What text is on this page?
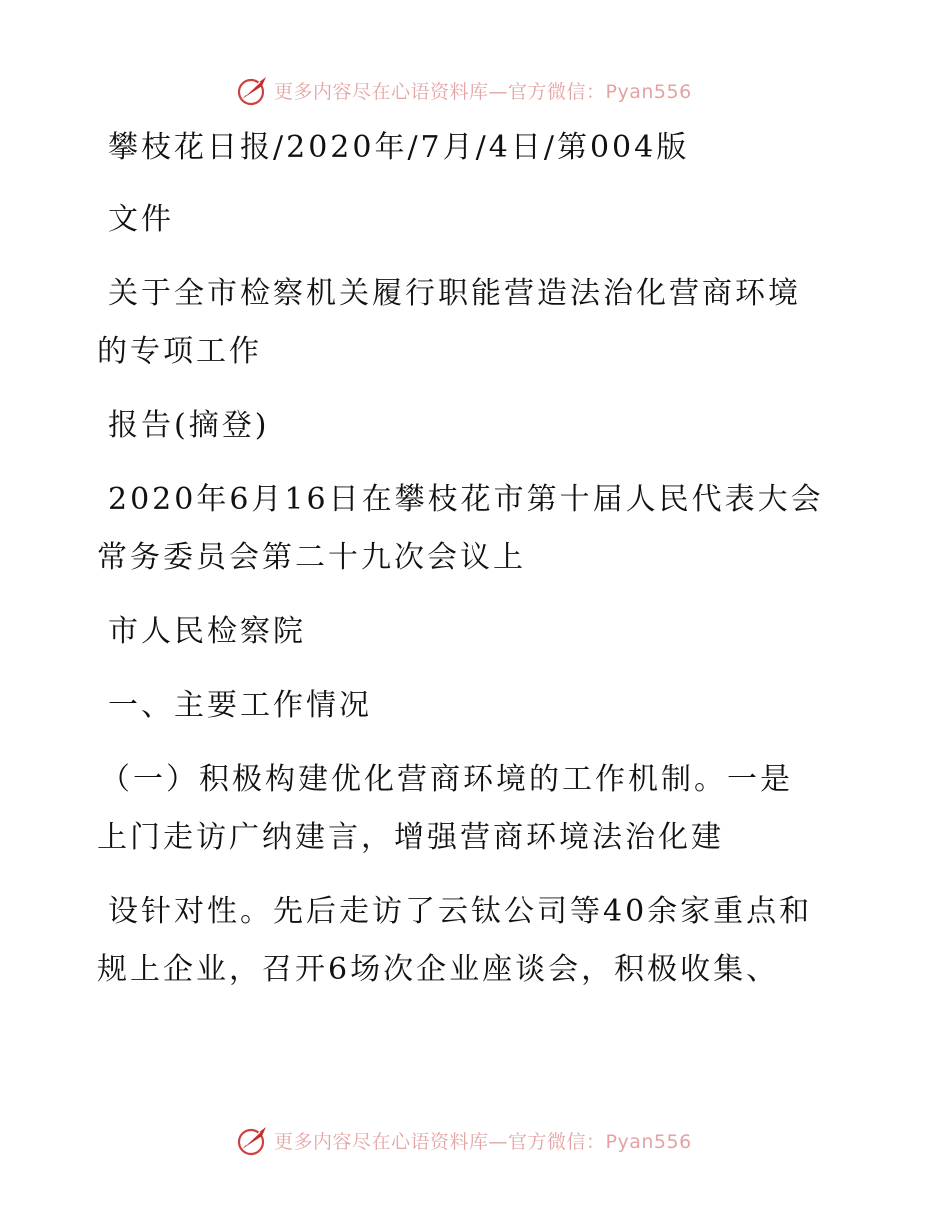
更多内容尽在心语资料库—官方微信：Pyan556
攀枝花日报/2020年/7月/4日/第004版
文件
关于全市检察机关履行职能营造法治化营商环境
的专项工作
报告(摘登)
2020年6月16日在攀枝花市第十届人民代表大会
常务委员会第二十九次会议上
市人民检察院
一、主要工作情况
（一）积极构建优化营商环境的工作机制。一是
上门走访广纳建言，增强营商环境法治化建
设针对性。先后走访了云钛公司等40余家重点和
规上企业，召开6场次企业座谈会，积极收集、
更多内容尽在心语资料库—官方微信：Pyan556
